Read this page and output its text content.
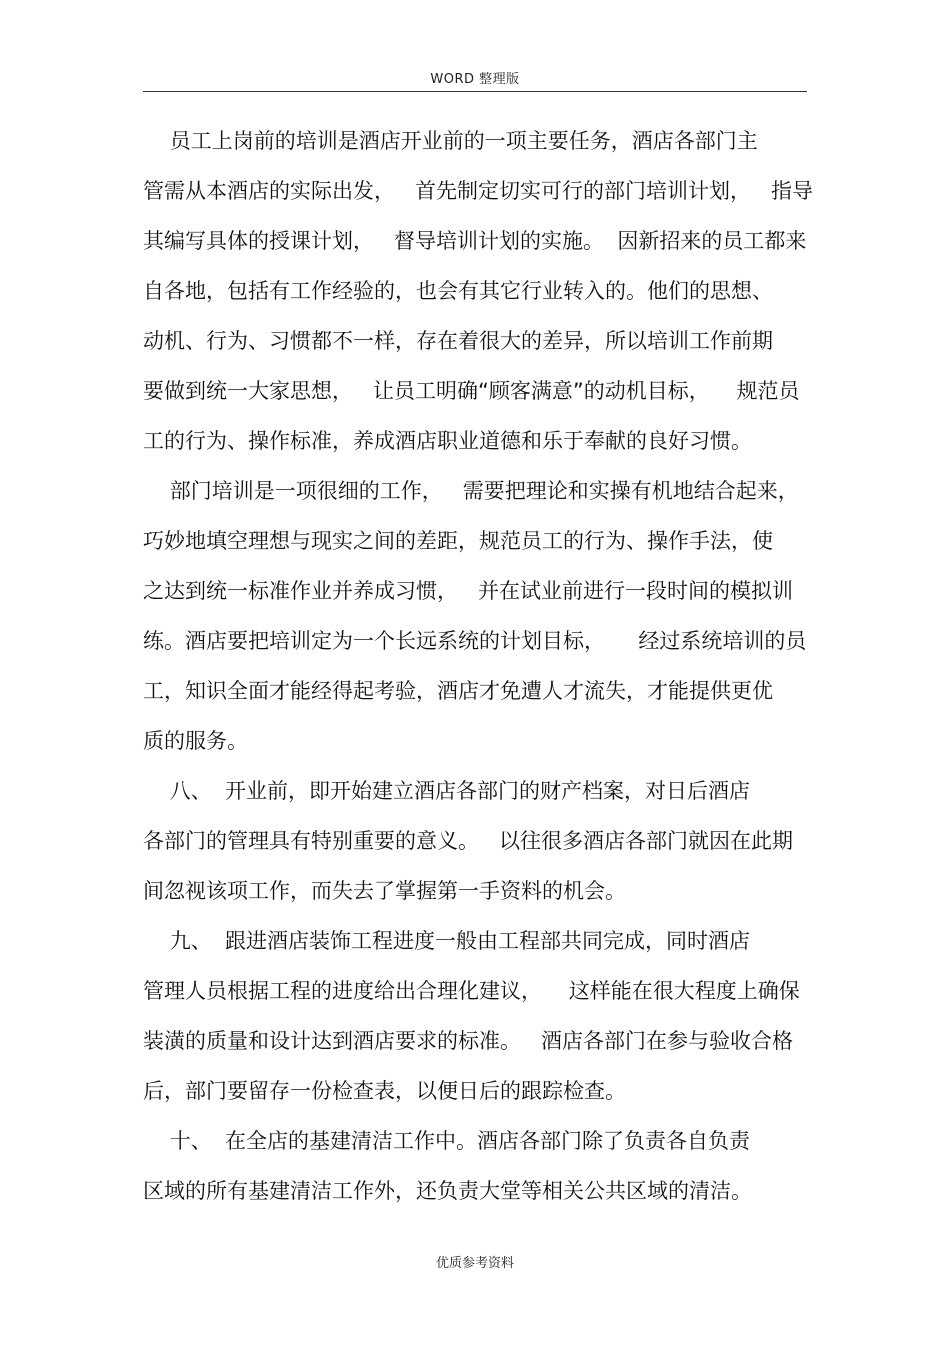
WORD 整理版
员工上岗前的培训是酒店开业前的一项主要任务，酒店各部门主
管需从本酒店的实际出发，   首先制定切实可行的部门培训计划，   指导
其编写具体的授课计划，   督导培训计划的实施。  因新招来的员工都来
自各地，包括有工作经验的，也会有其它行业转入的。他们的思想、
动机、行为、习惯都不一样，存在着很大的差异，所以培训工作前期
要做到统一大家思想，   让员工明确“顾客满意”的动机目标，    规范员
工的行为、操作标准，养成酒店职业道德和乐于奉献的良好习惯。
部门培训是一项很细的工作，   需要把理论和实操有机地结合起来，
巧妙地填空理想与现实之间的差距，规范员工的行为、操作手法，使
之达到统一标准作业并养成习惯，   并在试业前进行一段时间的模拟训
练。酒店要把培训定为一个长远系统的计划目标，     经过系统培训的员
工，知识全面才能经得起考验，酒店才免遭人才流失，才能提供更优
质的服务。
八、  开业前，即开始建立酒店各部门的财产档案，对日后酒店
各部门的管理具有特别重要的意义。   以往很多酒店各部门就因在此期
间忽视该项工作，而失去了掌握第一手资料的机会。
九、  跟进酒店装饰工程进度一般由工程部共同完成，同时酒店
管理人员根据工程的进度给出合理化建议，    这样能在很大程度上确保
装潢的质量和设计达到酒店要求的标准。   酒店各部门在参与验收合格
后，部门要留存一份检查表，以便日后的跟踪检查。
十、  在全店的基建清洁工作中。酒店各部门除了负责各自负责
区域的所有基建清洁工作外，还负责大堂等相关公共区域的清洁。
优质参考资料
